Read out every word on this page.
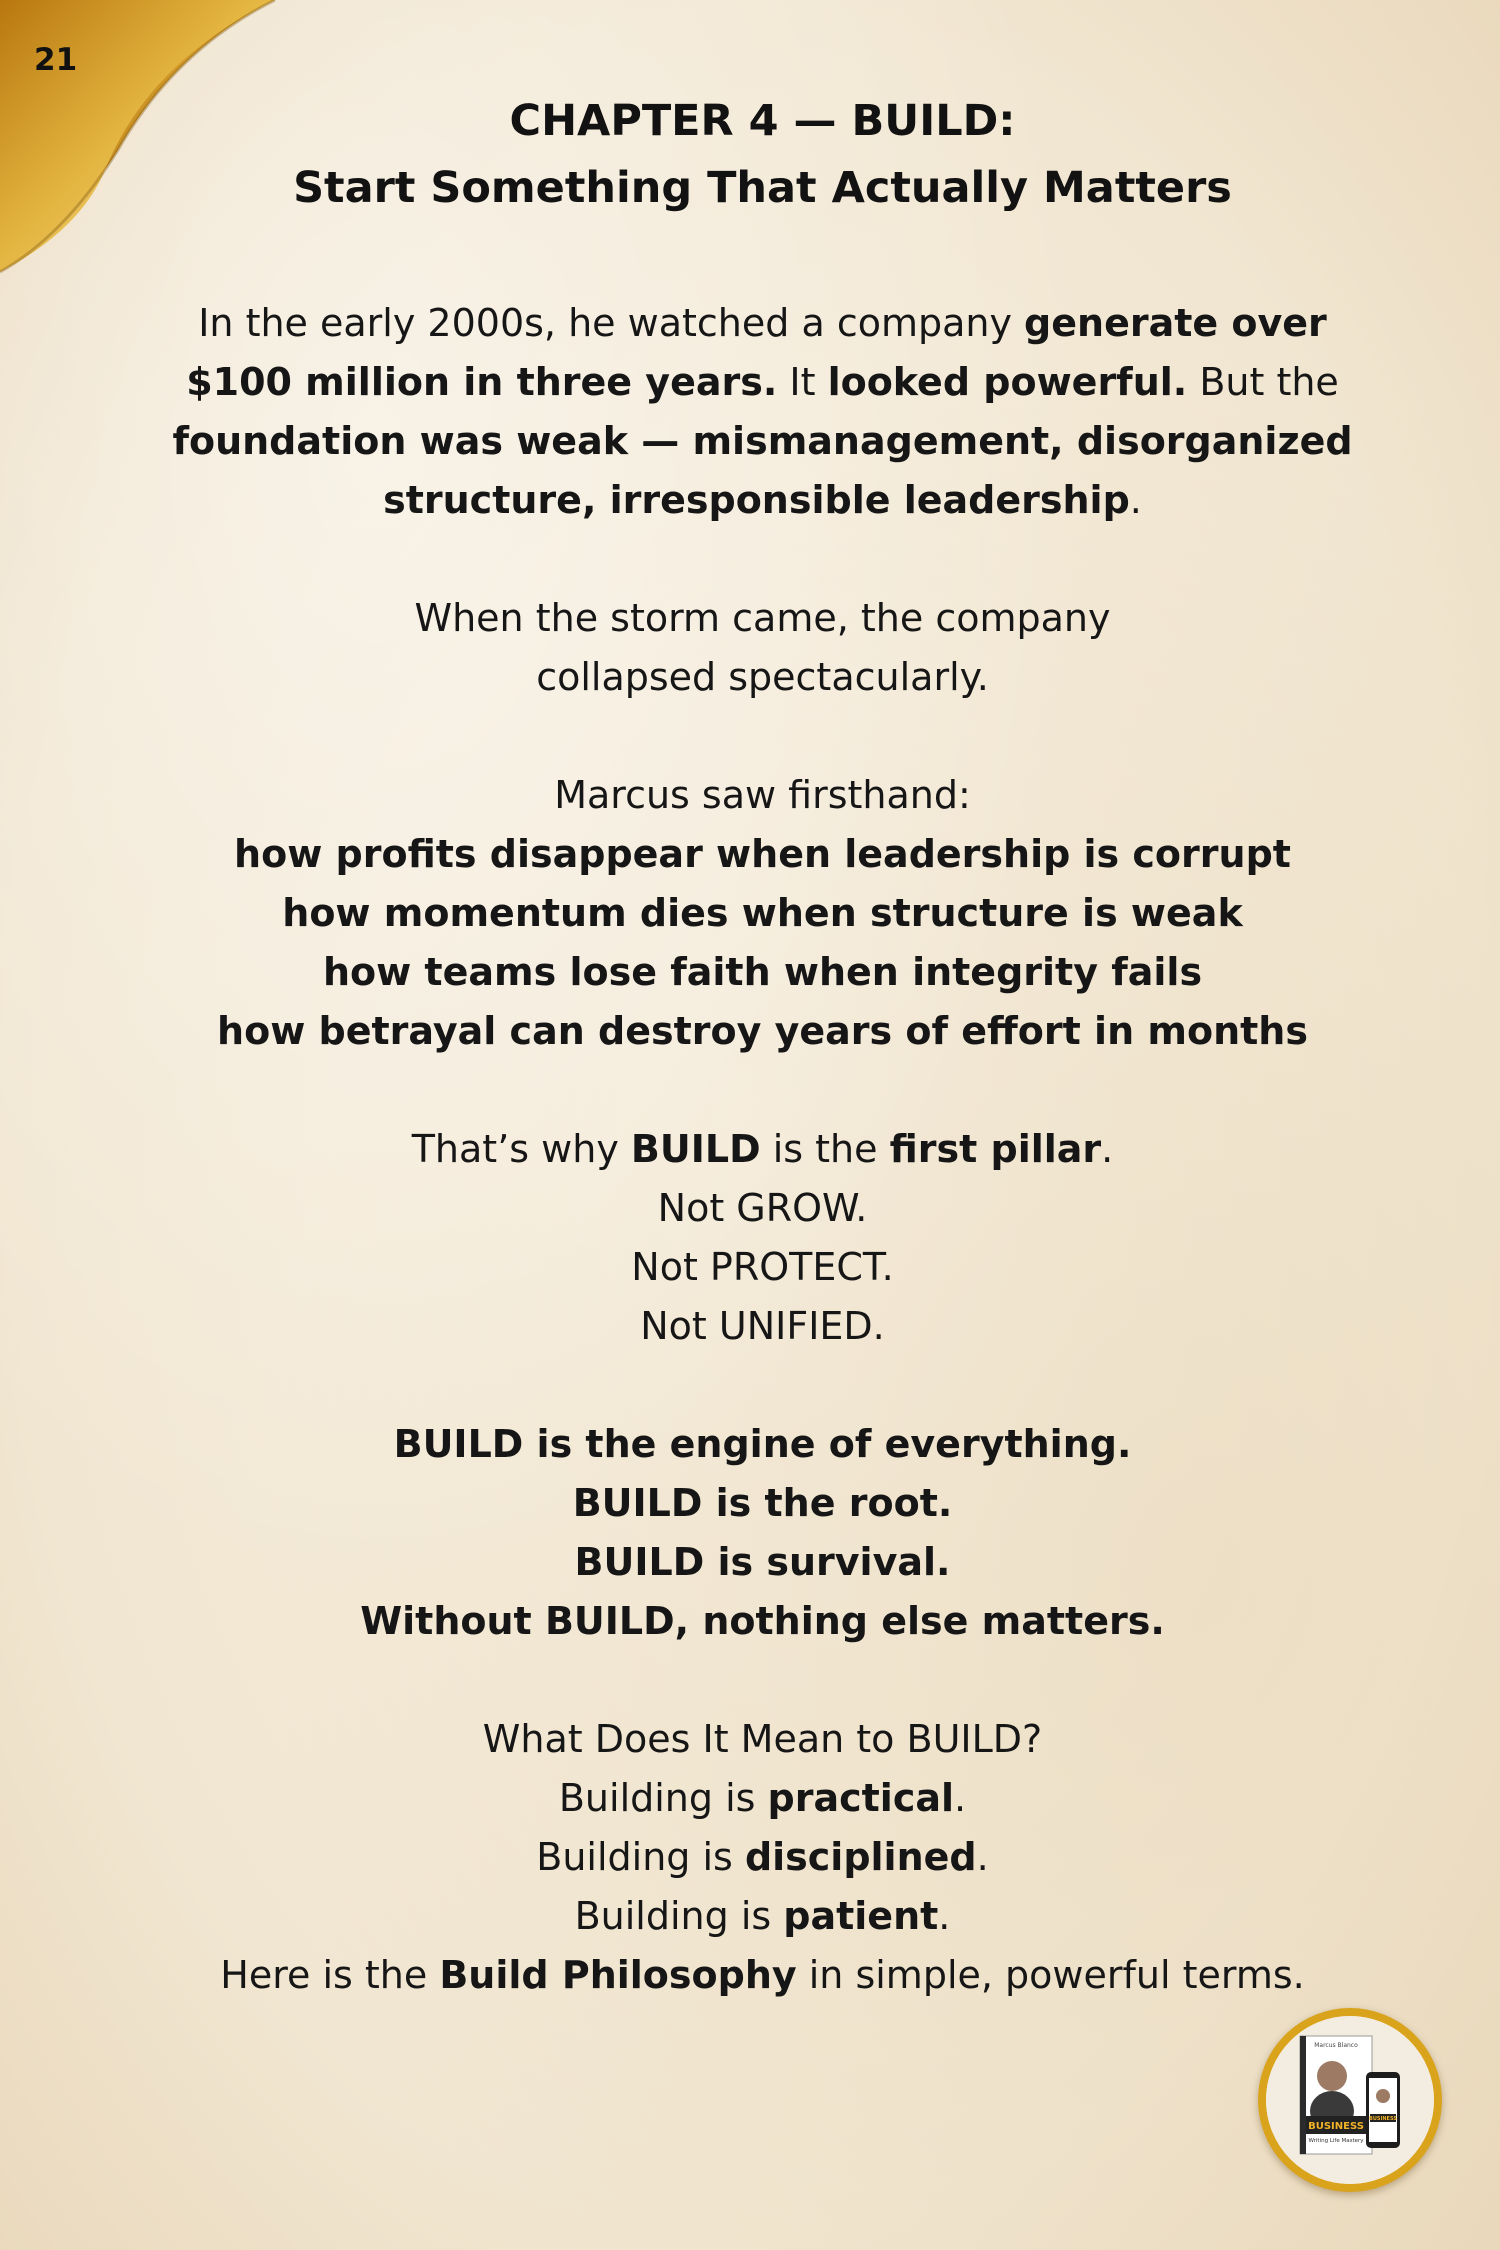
21
CHAPTER 4 — BUILD:
Start Something That Actually Matters

In the early 2000s, he watched a company generate over $100 million in three years. It looked powerful. But the foundation was weak — mismanagement, disorganized structure, irresponsible leadership.

When the storm came, the company collapsed spectacularly.

Marcus saw firsthand:
how profits disappear when leadership is corrupt
how momentum dies when structure is weak
how teams lose faith when integrity fails
how betrayal can destroy years of effort in months

That’s why BUILD is the first pillar.
Not GROW.
Not PROTECT.
Not UNIFIED.

BUILD is the engine of everything.
BUILD is the root.
BUILD is survival.
Without BUILD, nothing else matters.

What Does It Mean to BUILD?
Building is practical.
Building is disciplined.
Building is patient.
Here is the Build Philosophy in simple, powerful terms.

Marcus Blanco
BUSINESS
Writing Life Mastery
BUSINESS
